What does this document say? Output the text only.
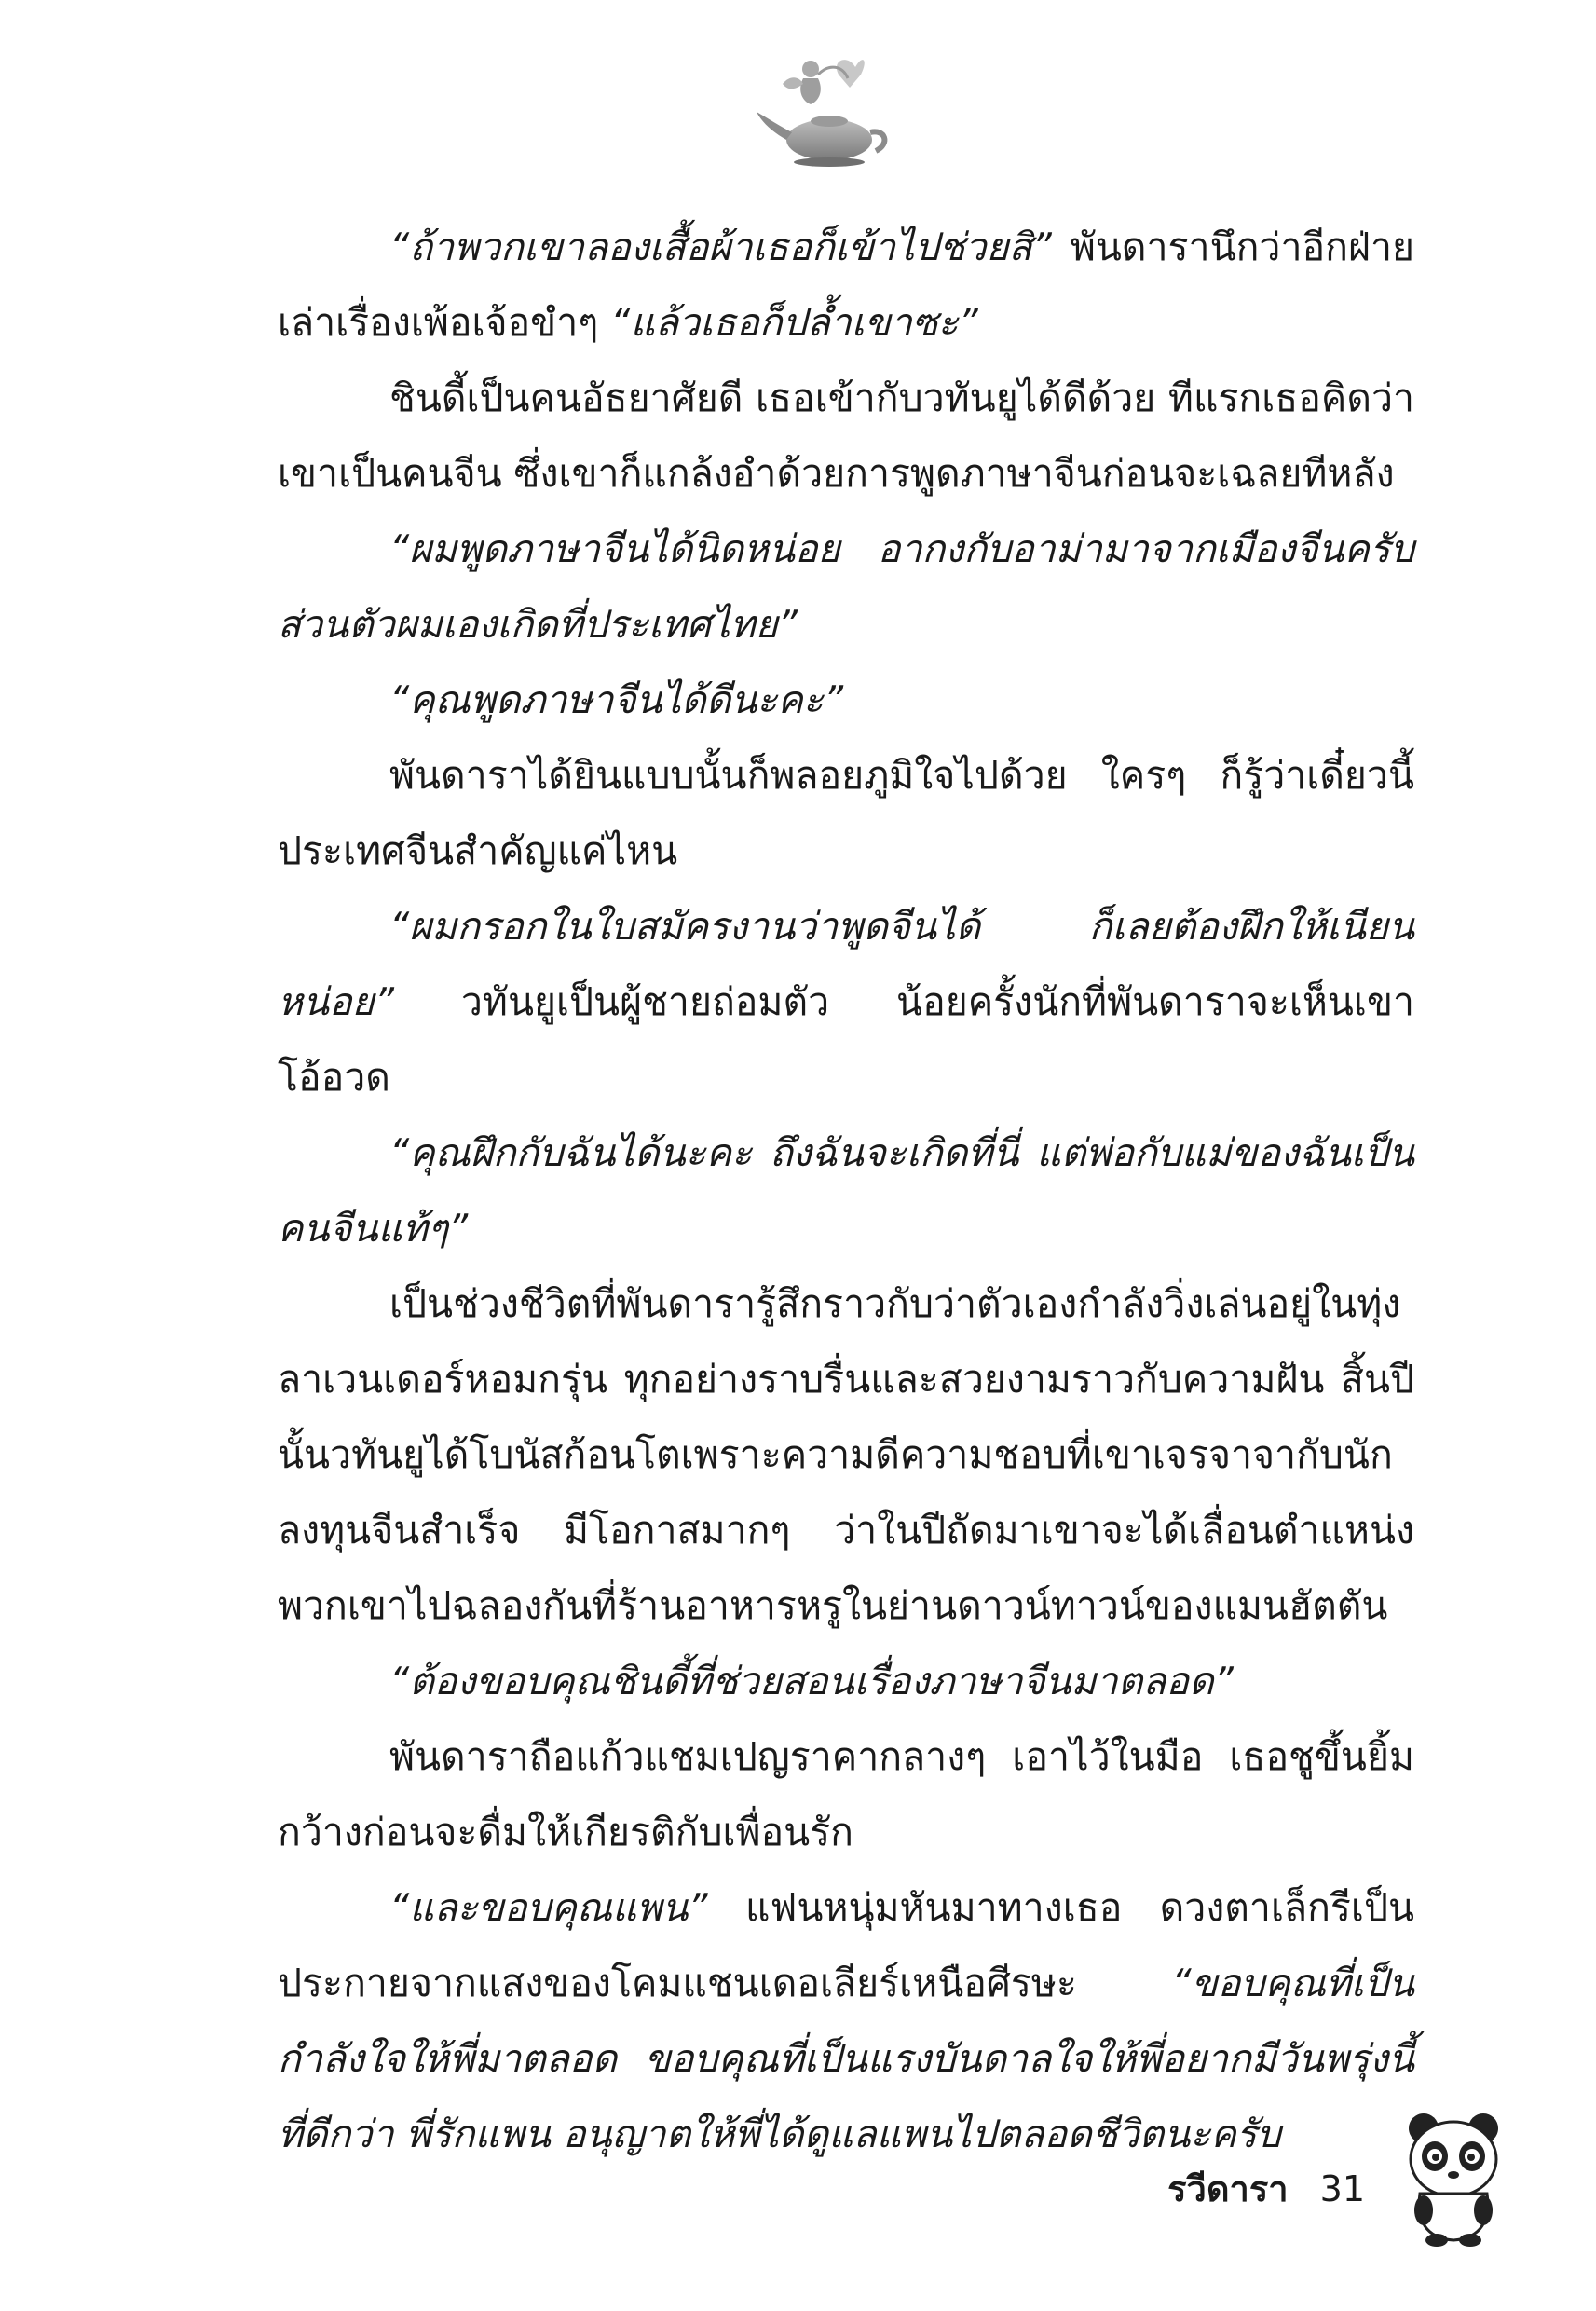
“ถ้าพวกเขาลองเสื้อผ้าเธอก็เข้าไปช่วยสิ” พันดารานึกว่าอีกฝ่ายเล่าเรื่องเพ้อเจ้อขำๆ “แล้วเธอก็ปล้ำเขาซะ”

ชินดี้เป็นคนอัธยาศัยดี เธอเข้ากับวทันยูได้ดีด้วย ทีแรกเธอคิดว่าเขาเป็นคนจีน ซึ่งเขาก็แกล้งอำด้วยการพูดภาษาจีนก่อนจะเฉลยทีหลัง

“ผมพูดภาษาจีนได้นิดหน่อย อากงกับอาม่ามาจากเมืองจีนครับ ส่วนตัวผมเองเกิดที่ประเทศไทย”

“คุณพูดภาษาจีนได้ดีนะคะ”

พันดาราได้ยินแบบนั้นก็พลอยภูมิใจไปด้วย ใครๆ ก็รู้ว่าเดี๋ยวนี้ประเทศจีนสำคัญแค่ไหน

“ผมกรอกในใบสมัครงานว่าพูดจีนได้ ก็เลยต้องฝึกให้เนียนหน่อย” วทันยูเป็นผู้ชายถ่อมตัว น้อยครั้งนักที่พันดาราจะเห็นเขาโอ้อวด

“คุณฝึกกับฉันได้นะคะ ถึงฉันจะเกิดที่นี่ แต่พ่อกับแม่ของฉันเป็นคนจีนแท้ๆ”

เป็นช่วงชีวิตที่พันดารารู้สึกราวกับว่าตัวเองกำลังวิ่งเล่นอยู่ในทุ่งลาเวนเดอร์หอมกรุ่น ทุกอย่างราบรื่นและสวยงามราวกับความฝัน สิ้นปีนั้นวทันยูได้โบนัสก้อนโตเพราะความดีความชอบที่เขาเจรจาจากับนักลงทุนจีนสำเร็จ มีโอกาสมากๆ ว่าในปีถัดมาเขาจะได้เลื่อนตำแหน่ง พวกเขาไปฉลองกันที่ร้านอาหารหรูในย่านดาวน์ทาวน์ของแมนฮัตตัน

“ต้องขอบคุณชินดี้ที่ช่วยสอนเรื่องภาษาจีนมาตลอด”

พันดาราถือแก้วแชมเปญราคากลางๆ เอาไว้ในมือ เธอชูขึ้นยิ้มกว้างก่อนจะดื่มให้เกียรติกับเพื่อนรัก

“และขอบคุณแพน” แฟนหนุ่มหันมาทางเธอ ดวงตาเล็กรีเป็นประกายจากแสงของโคมแชนเดอเลียร์เหนือศีรษะ “ขอบคุณที่เป็นกำลังใจให้พี่มาตลอด ขอบคุณที่เป็นแรงบันดาลใจให้พี่อยากมีวันพรุ่งนี้ที่ดีกว่า พี่รักแพน อนุญาตให้พี่ได้ดูแลแพนไปตลอดชีวิตนะครับ

รวีดารา 31
